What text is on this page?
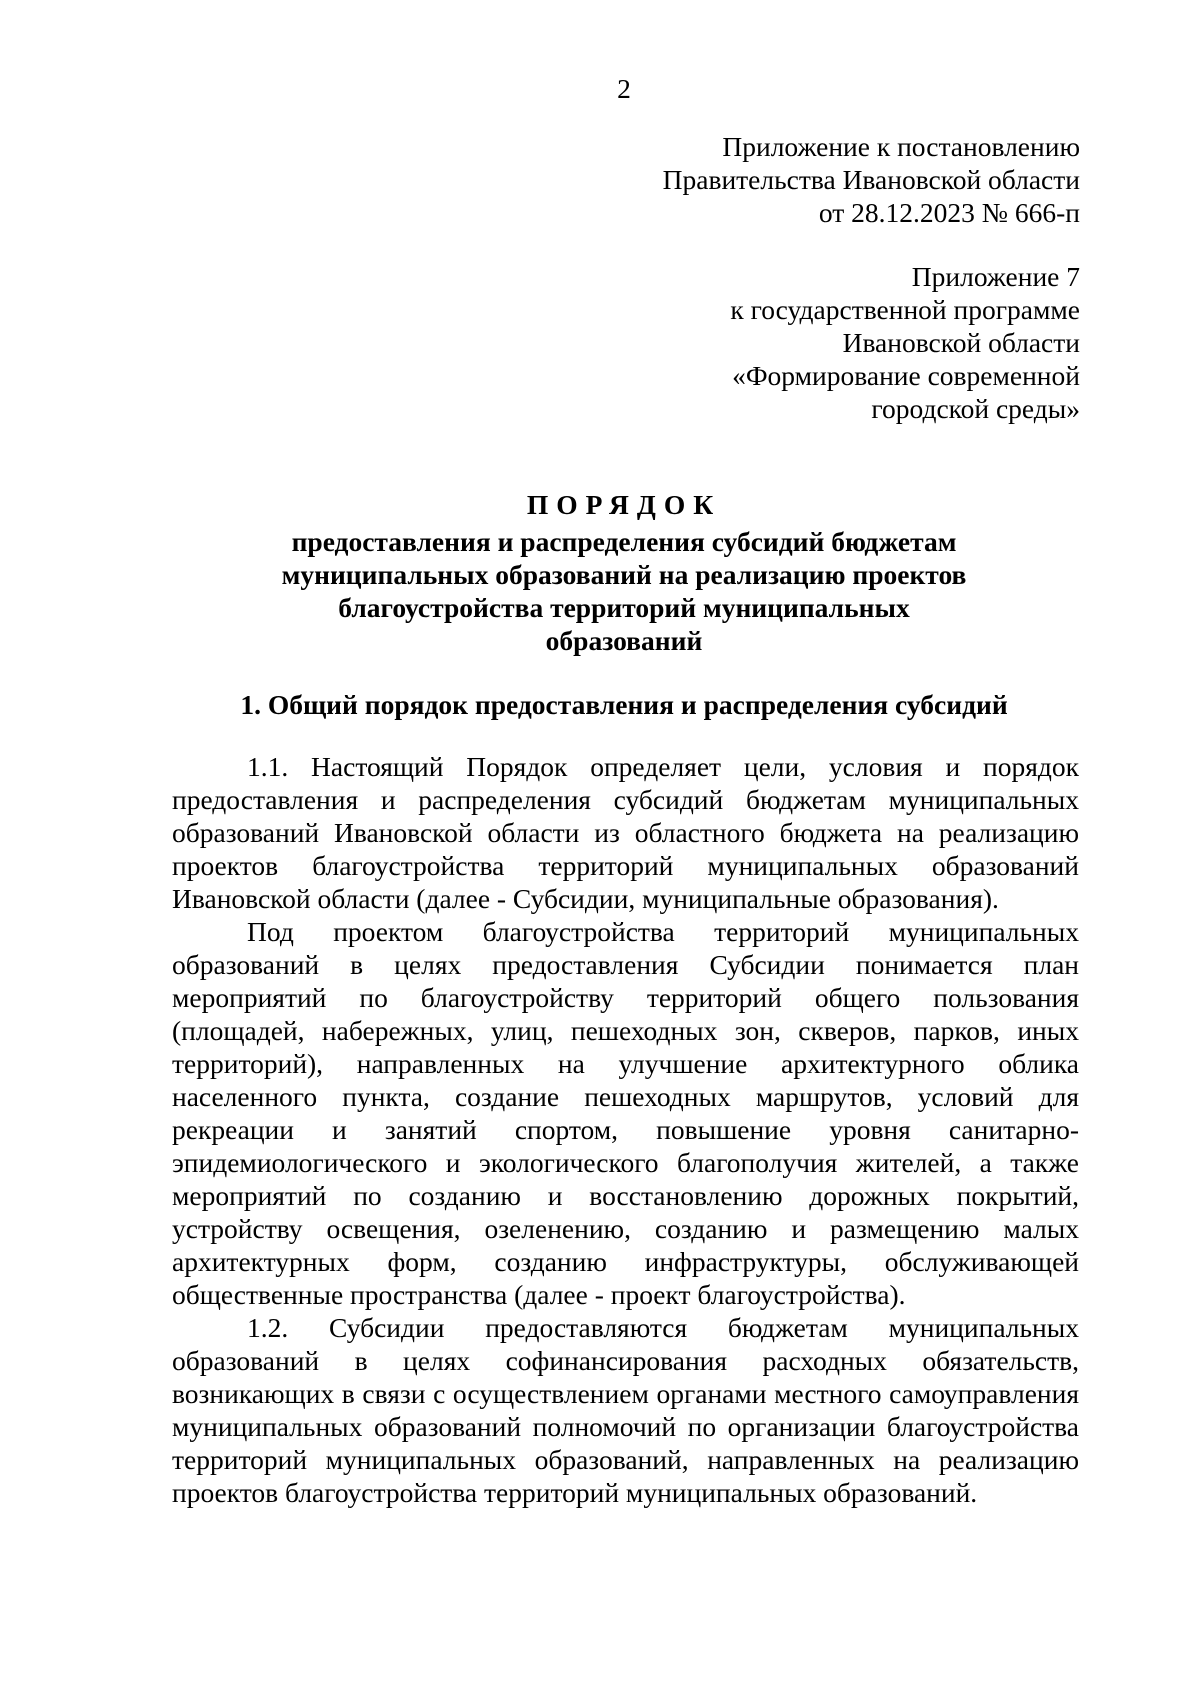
2
Приложение к постановлению
Правительства Ивановской области
от 28.12.2023 № 666-п
Приложение 7
к государственной программе
Ивановской области
«Формирование современной
городской среды»
ПОРЯДОК
предоставления и распределения субсидий бюджетам
муниципальных образований на реализацию проектов
благоустройства территорий муниципальных
образований
1. Общий порядок предоставления и распределения субсидий

1.1. Настоящий Порядок определяет цели, условия и порядок предоставления и распределения субсидий бюджетам муниципальных образований Ивановской области из областного бюджета на реализацию проектов благоустройства территорий муниципальных образований Ивановской области (далее - Субсидии, муниципальные образования).

Под проектом благоустройства территорий муниципальных образований в целях предоставления Субсидии понимается план мероприятий по благоустройству территорий общего пользования (площадей, набережных, улиц, пешеходных зон, скверов, парков, иных территорий), направленных на улучшение архитектурного облика населенного пункта, создание пешеходных маршрутов, условий для рекреации и занятий спортом, повышение уровня санитарно-эпидемиологического и экологического благополучия жителей, а также мероприятий по созданию и восстановлению дорожных покрытий, устройству освещения, озеленению, созданию и размещению малых архитектурных форм, созданию инфраструктуры, обслуживающей общественные пространства (далее - проект благоустройства).

1.2. Субсидии предоставляются бюджетам муниципальных образований в целях софинансирования расходных обязательств, возникающих в связи с осуществлением органами местного самоуправления муниципальных образований полномочий по организации благоустройства территорий муниципальных образований, направленных на реализацию проектов благоустройства территорий муниципальных образований.
